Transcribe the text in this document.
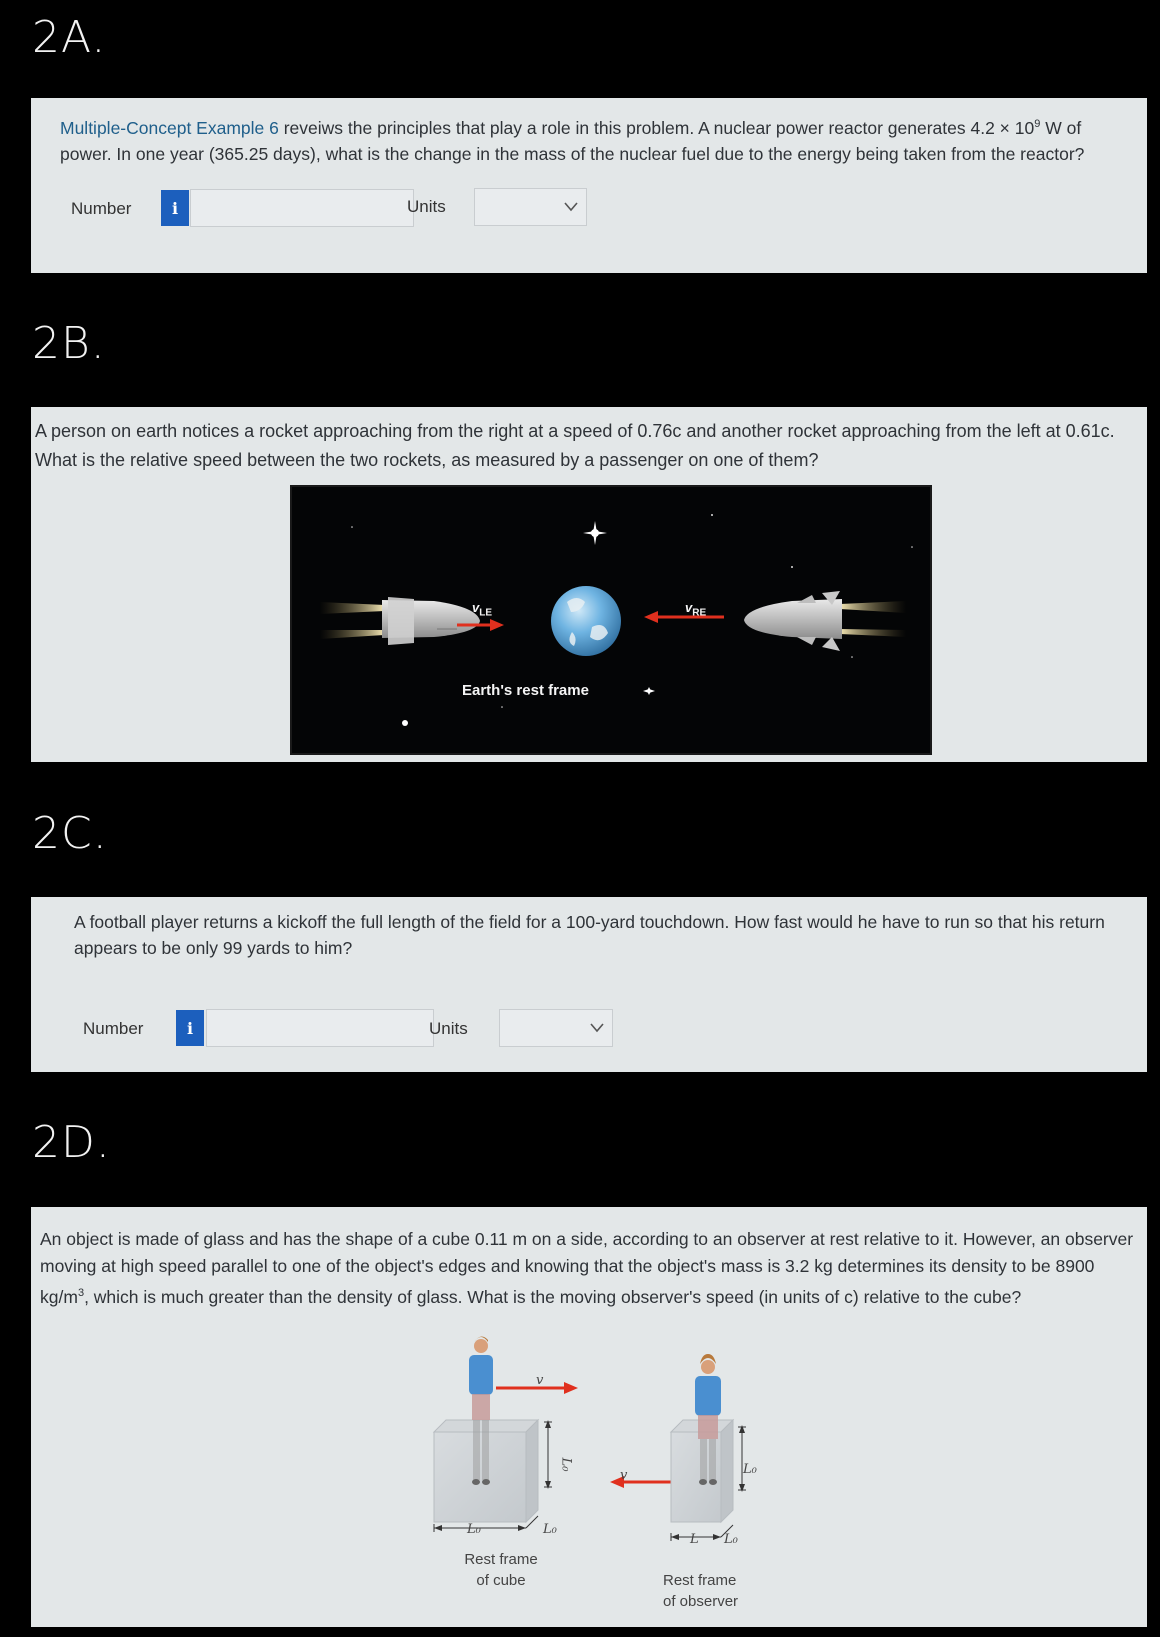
2A.
Multiple-Concept Example 6 reveiws the principles that play a role in this problem. A nuclear power reactor generates $4.2 \times 10^9$ W of power. In one year (365.25 days), what is the change in the mass of the nuclear fuel due to the energy being taken from the reactor?
Number	i	Units
2B.
A person on earth notices a rocket approaching from the right at a speed of 0.76c and another rocket approaching from the left at 0.61c. What is the relative speed between the two rockets, as measured by a passenger on one of them?
$v_{LE}$	$v_{RE}$
Earth's rest frame
2C.
A football player returns a kickoff the full length of the field for a 100-yard touchdown. How fast would he have to run so that his return appears to be only 99 yards to him?
Number	i	Units
2D.
An object is made of glass and has the shape of a cube 0.11 m on a side, according to an observer at rest relative to it. However, an observer moving at high speed parallel to one of the object's edges and knowing that the object's mass is 3.2 kg determines its density to be 8900 $kg/m^3$, which is much greater than the density of glass. What is the moving observer's speed (in units of c) relative to the cube?
v
v
L₀
L₀	L₀
L₀
L L₀
Rest frame
of cube	Rest frame
of observer
